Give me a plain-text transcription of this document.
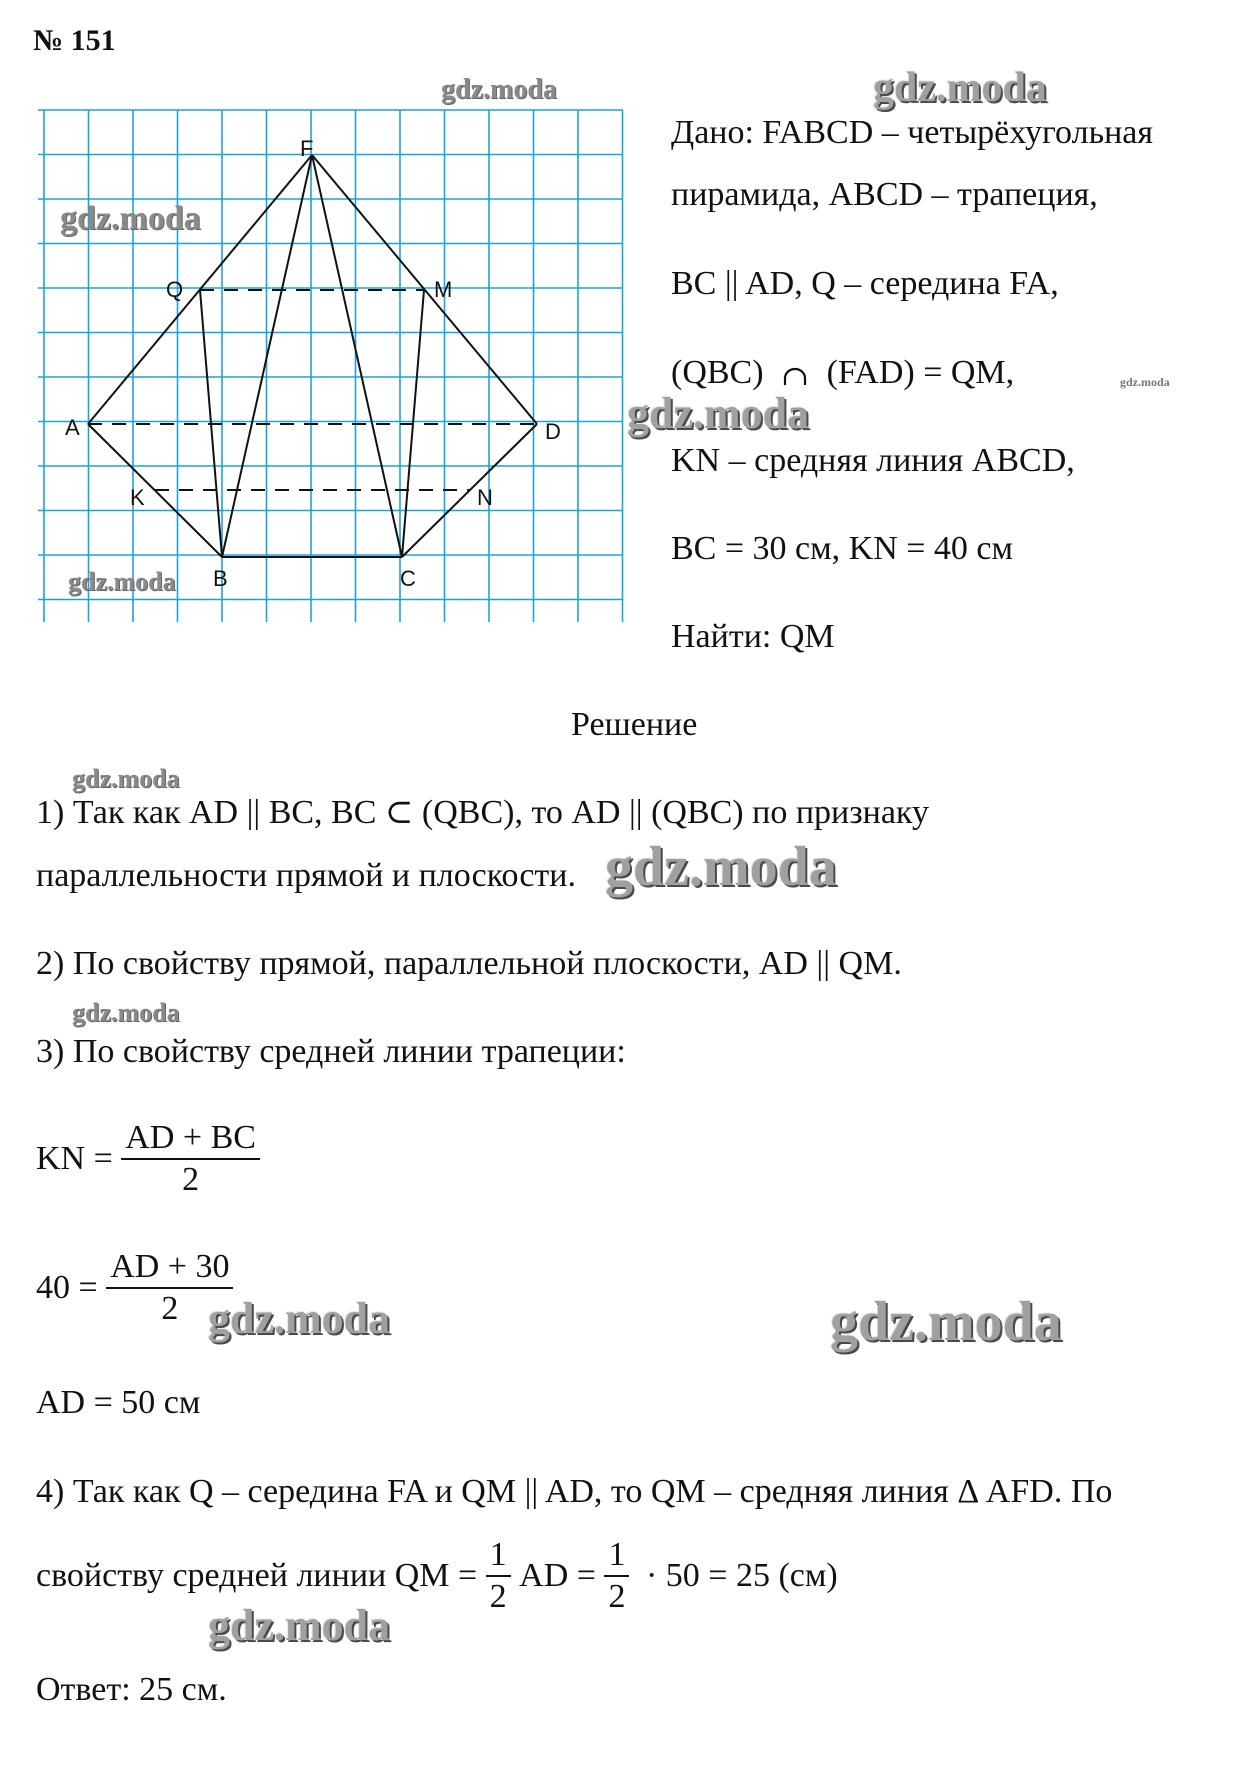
№ 151
F
Q	M
A	D
K	N
B	C
Дано: FABCD – четырёхугольная
пирамида, ABCD – трапеция,
BC || AD, Q – середина FA,
(QBC) (FAD) = QM,
KN – средняя линия ABCD,
BC = 30 см, KN = 40 см
Найти: QM
Решение
1) Так как AD || BC, BC ⊂ (QBC), то AD || (QBC) по признаку
параллельности прямой и плоскости.
2) По свойству прямой, параллельной плоскости, AD || QM.
3) По свойству средней линии трапеции:
KN = $\frac{AD + BC}{2}$
$40 = \frac{AD + 30}{2}$
AD = 50 см
4) Так как Q – середина FA и QM || AD, то QM – средняя линия Δ AFD. По
свойству средней линии QM = $\frac{1}{2}$ AD = $\frac{1}{2} \cdot 50 = 25$ (см)
Ответ: 25 см.
gdz.moda	gdz.moda
gdz.moda
gdz.moda
gdz.moda
gdz.moda
gdz.moda
gdz.moda
gdz.moda
gdz.moda	gdz.moda
gdz.moda
